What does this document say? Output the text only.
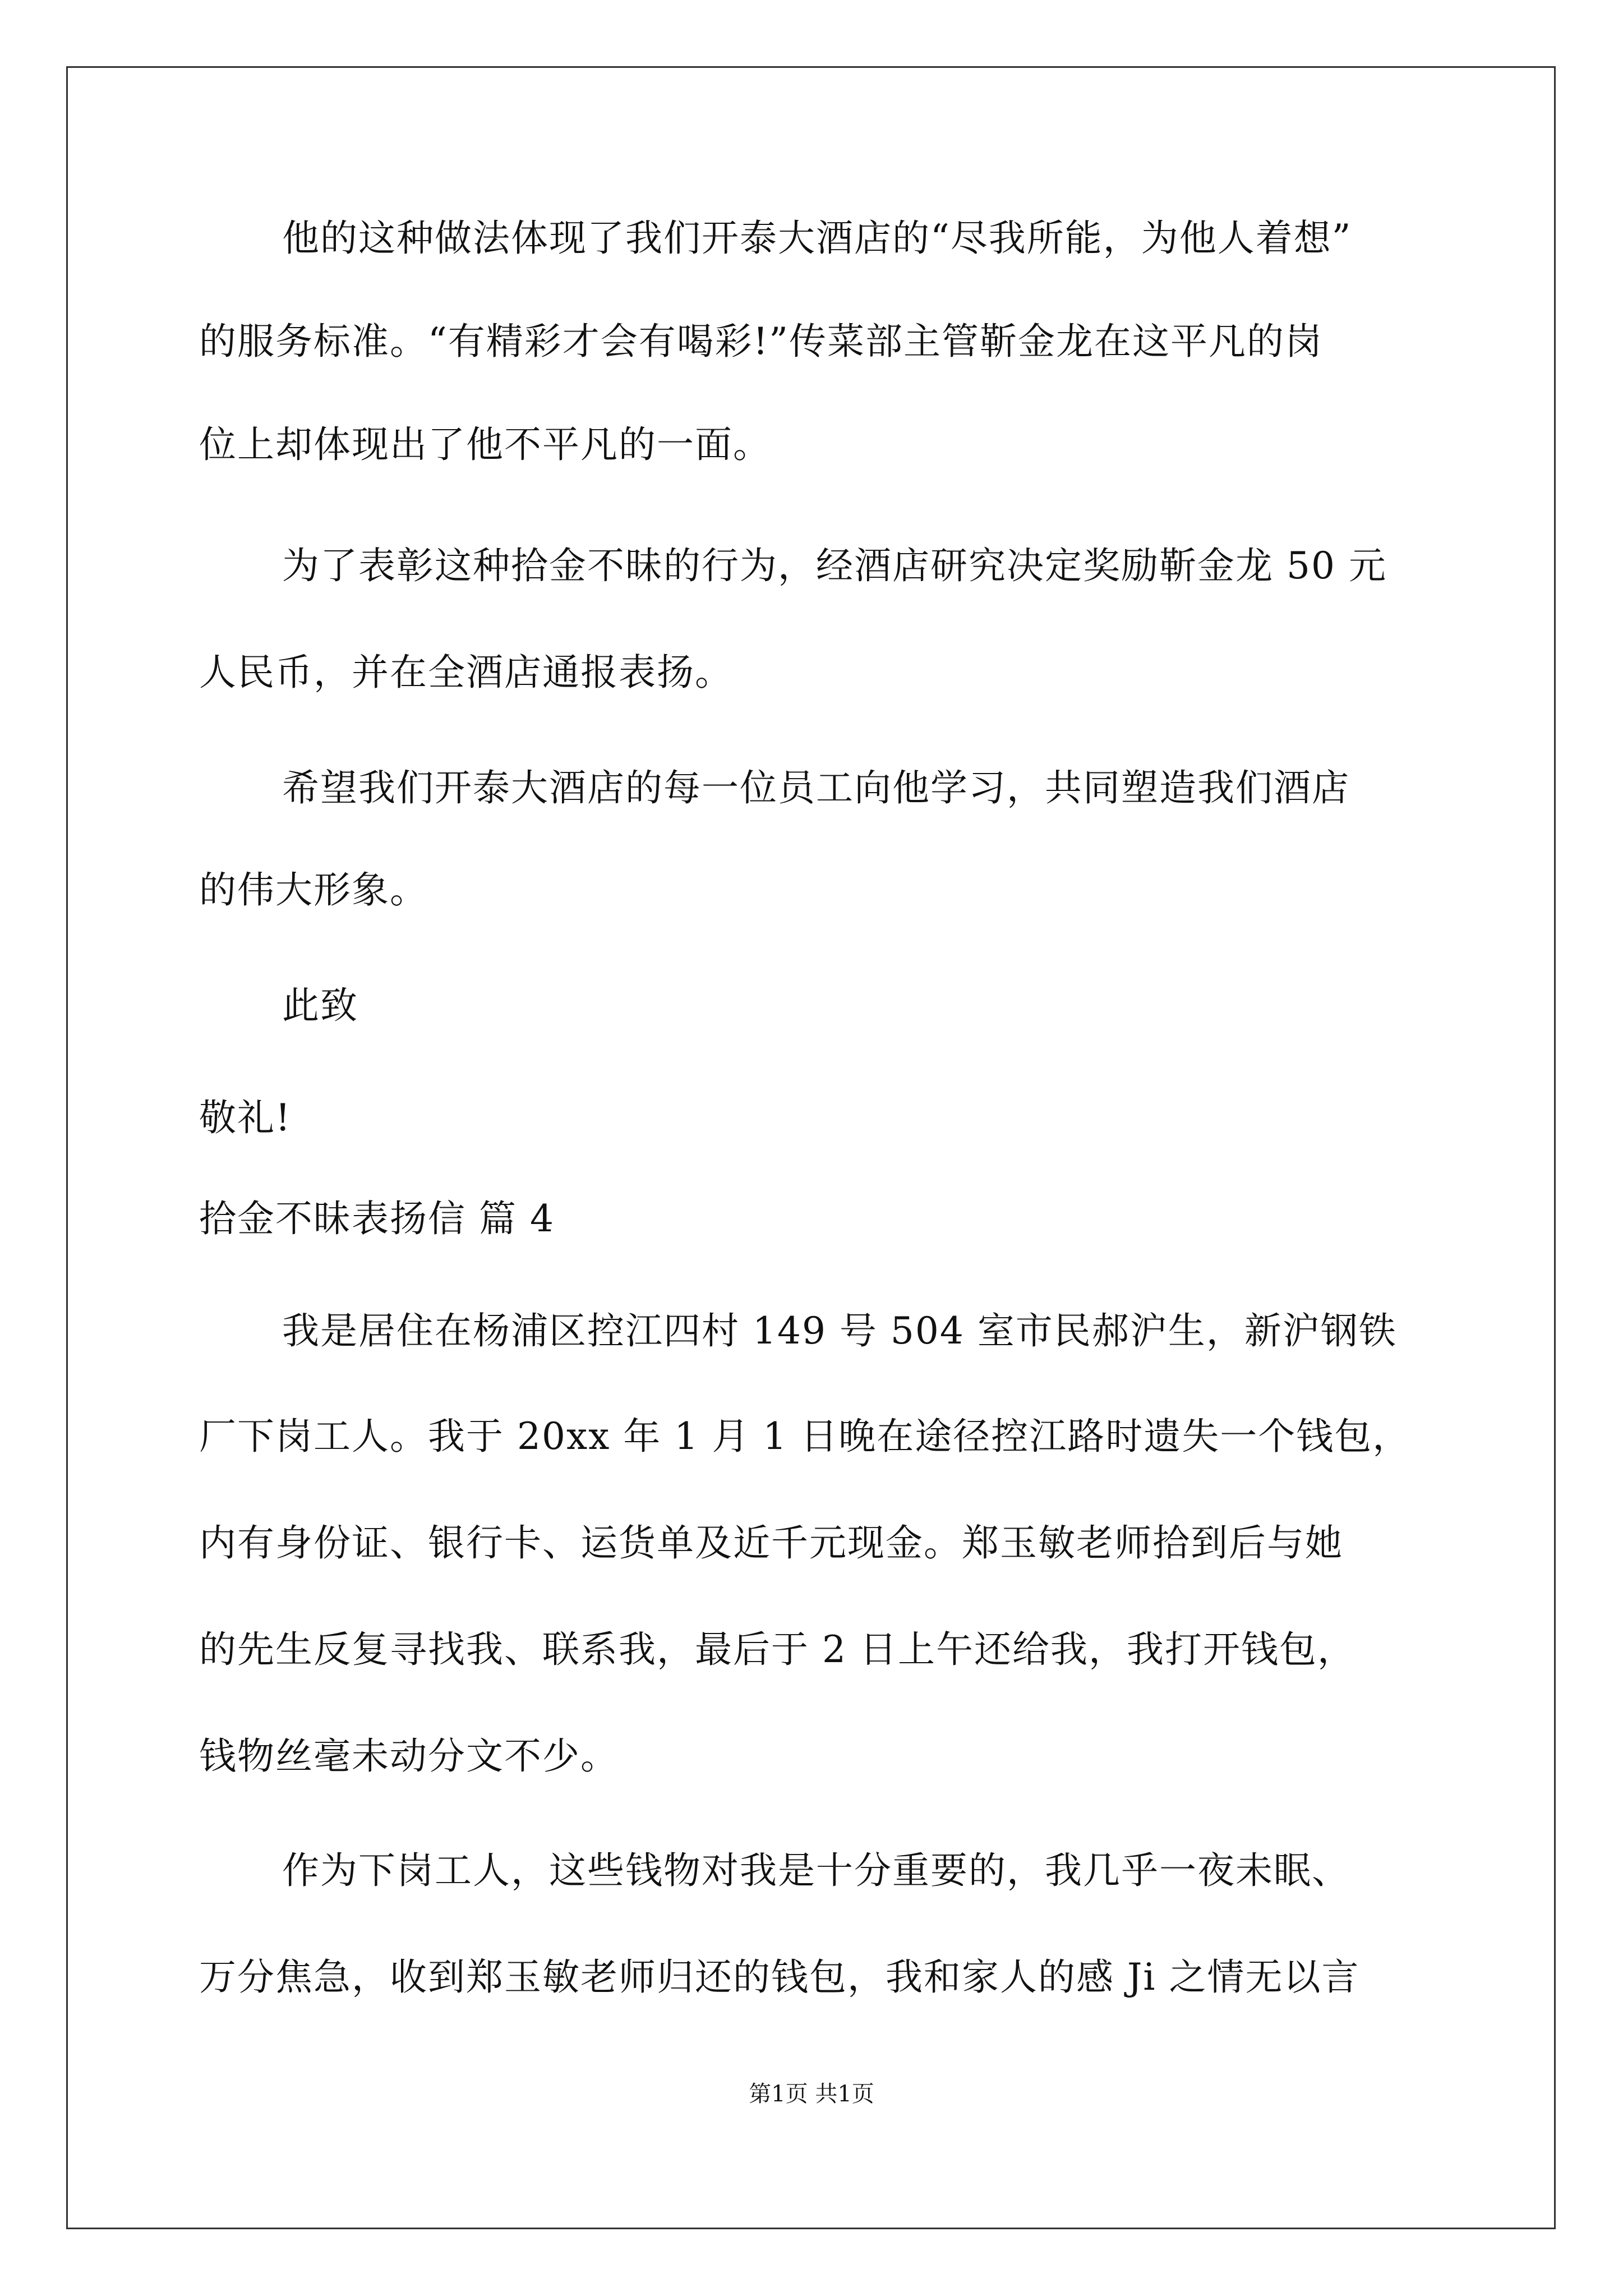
他的这种做法体现了我们开泰大酒店的“尽我所能，为他人着想”
的服务标准。“有精彩才会有喝彩!”传菜部主管靳金龙在这平凡的岗
位上却体现出了他不平凡的一面。
为了表彰这种拾金不昧的行为，经酒店研究决定奖励靳金龙 50 元
人民币，并在全酒店通报表扬。
希望我们开泰大酒店的每一位员工向他学习，共同塑造我们酒店
的伟大形象。
此致
敬礼!
拾金不昧表扬信 篇 4
我是居住在杨浦区控江四村 149 号 504 室市民郝沪生，新沪钢铁
厂下岗工人。我于 20xx 年 1 月 1 日晚在途径控江路时遗失一个钱包，
内有身份证、银行卡、运货单及近千元现金。郑玉敏老师拾到后与她
的先生反复寻找我、联系我，最后于 2 日上午还给我，我打开钱包，
钱物丝毫未动分文不少。
作为下岗工人，这些钱物对我是十分重要的，我几乎一夜未眠、
万分焦急，收到郑玉敏老师归还的钱包，我和家人的感 Ji 之情无以言
第1页 共1页
